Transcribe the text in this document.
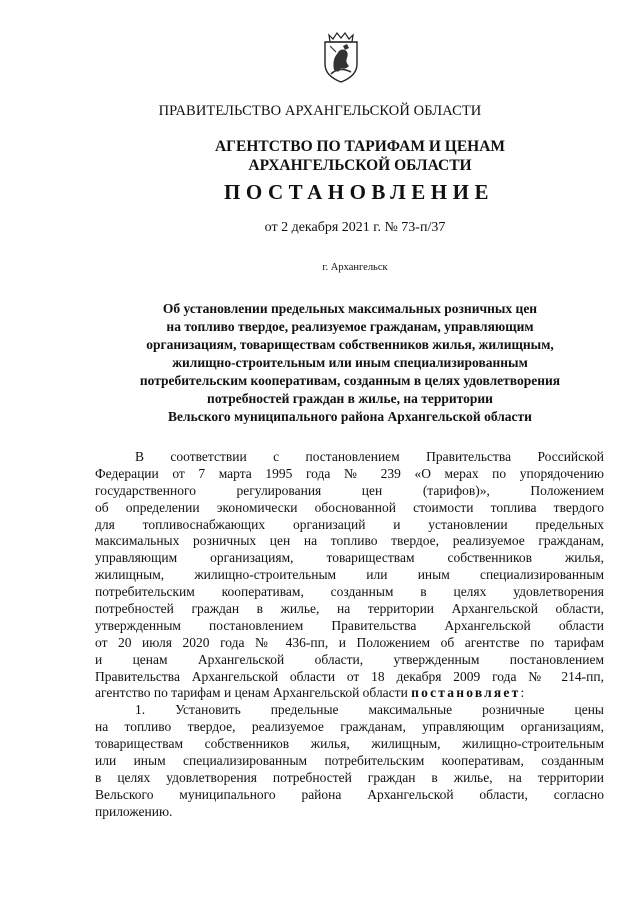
ПРАВИТЕЛЬСТВО АРХАНГЕЛЬСКОЙ ОБЛАСТИ
АГЕНТСТВО ПО ТАРИФАМ И ЦЕНАМ
АРХАНГЕЛЬСКОЙ ОБЛАСТИ
ПОСТАНОВЛЕНИЕ
от 2 декабря 2021 г. № 73-п/37
г. Архангельск
Об установлении предельных максимальных розничных цен
на топливо твердое, реализуемое гражданам, управляющим
организациям, товариществам собственников жилья, жилищным,
жилищно-строительным или иным специализированным
потребительским кооперативам, созданным в целях удовлетворения
потребностей граждан в жилье, на территории
Вельского муниципального района Архангельской области
В соответствии с постановлением Правительства Российской
Федерации от 7 марта 1995 года № 239 «О мерах по упорядочению
государственного регулирования цен (тарифов)», Положением
об определении экономически обоснованной стоимости топлива твердого
для топливоснабжающих организаций и установлении предельных
максимальных розничных цен на топливо твердое, реализуемое гражданам,
управляющим организациям, товариществам собственников жилья,
жилищным, жилищно-строительным или иным специализированным
потребительским кооперативам, созданным в целях удовлетворения
потребностей граждан в жилье, на территории Архангельской области,
утвержденным постановлением Правительства Архангельской области
от 20 июля 2020 года № 436-пп, и Положением об агентстве по тарифам
и ценам Архангельской области, утвержденным постановлением
Правительства Архангельской области от 18 декабря 2009 года № 214-пп,
агентство по тарифам и ценам Архангельской области постановляет:
1. Установить предельные максимальные розничные цены
на топливо твердое, реализуемое гражданам, управляющим организациям,
товариществам собственников жилья, жилищным, жилищно-строительным
или иным специализированным потребительским кооперативам, созданным
в целях удовлетворения потребностей граждан в жилье, на территории
Вельского муниципального района Архангельской области, согласно
приложению.
